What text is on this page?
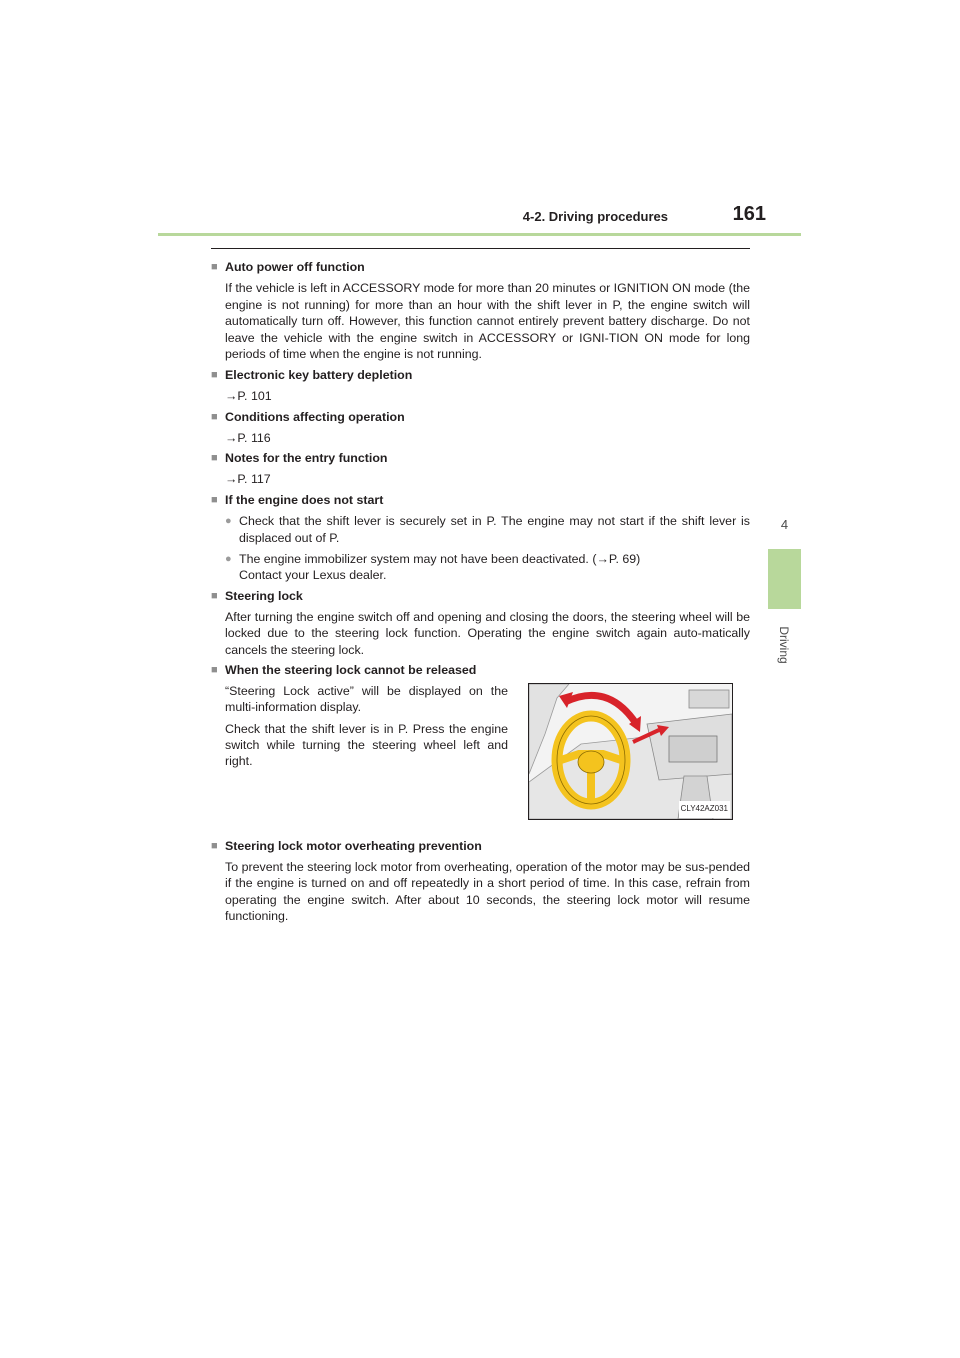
4-2. Driving procedures	161
4
Driving
■ Auto power off function
If the vehicle is left in ACCESSORY mode for more than 20 minutes or IGNITION ON mode (the engine is not running) for more than an hour with the shift lever in P, the engine switch will automatically turn off. However, this function cannot entirely prevent battery discharge. Do not leave the vehicle with the engine switch in ACCESSORY or IGNI-TION ON mode for long periods of time when the engine is not running.
■ Electronic key battery depletion
→P. 101
■ Conditions affecting operation
→P. 116
■ Notes for the entry function
→P. 117
■ If the engine does not start
● Check that the shift lever is securely set in P. The engine may not start if the shift lever is displaced out of P.
● The engine immobilizer system may not have been deactivated. (→P. 69)
Contact your Lexus dealer.
■ Steering lock
After turning the engine switch off and opening and closing the doors, the steering wheel will be locked due to the steering lock function. Operating the engine switch again auto-matically cancels the steering lock.
■ When the steering lock cannot be released

“Steering Lock active” will be displayed on the multi-information display.

Check that the shift lever is in P. Press the engine switch while turning the steering wheel left and right.

CLY42AZ031
■ Steering lock motor overheating prevention
To prevent the steering lock motor from overheating, operation of the motor may be sus-pended if the engine is turned on and off repeatedly in a short period of time. In this case, refrain from operating the engine switch. After about 10 seconds, the steering lock motor will resume functioning.
